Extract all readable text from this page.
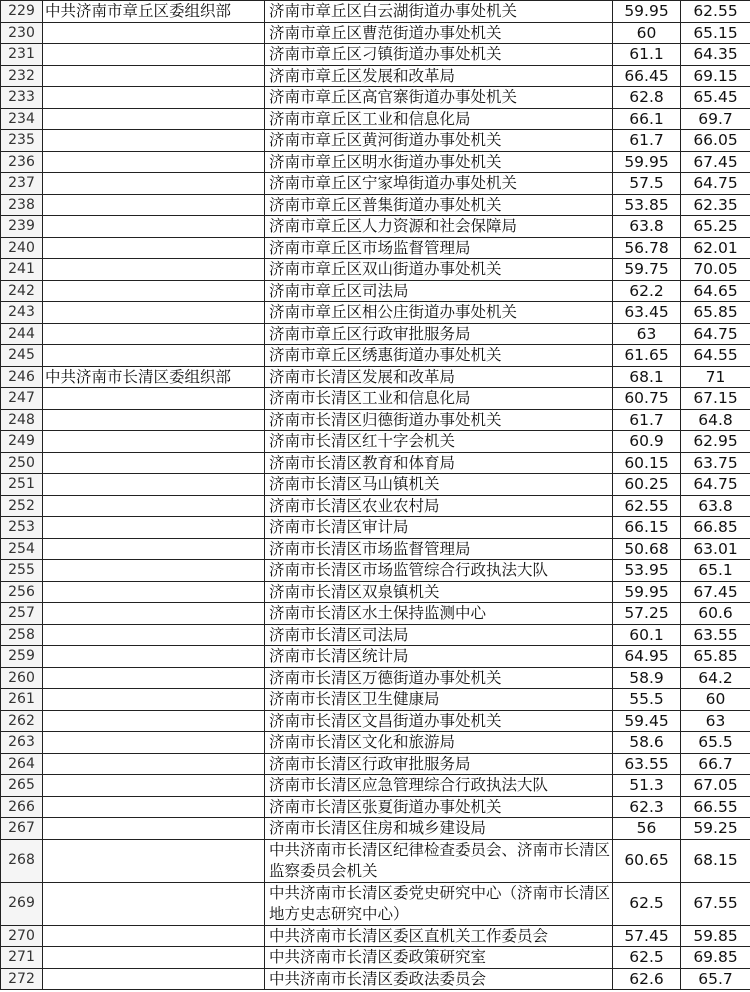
229	中共济南市章丘区委组织部	济南市章丘区白云湖街道办事处机关	59.95	62.55
230		济南市章丘区曹范街道办事处机关	60	65.15
231		济南市章丘区刁镇街道办事处机关	61.1	64.35
232		济南市章丘区发展和改革局	66.45	69.15
233		济南市章丘区高官寨街道办事处机关	62.8	65.45
234		济南市章丘区工业和信息化局	66.1	69.7
235		济南市章丘区黄河街道办事处机关	61.7	66.05
236		济南市章丘区明水街道办事处机关	59.95	67.45
237		济南市章丘区宁家埠街道办事处机关	57.5	64.75
238		济南市章丘区普集街道办事处机关	53.85	62.35
239		济南市章丘区人力资源和社会保障局	63.8	65.25
240		济南市章丘区市场监督管理局	56.78	62.01
241		济南市章丘区双山街道办事处机关	59.75	70.05
242		济南市章丘区司法局	62.2	64.65
243		济南市章丘区相公庄街道办事处机关	63.45	65.85
244		济南市章丘区行政审批服务局	63	64.75
245		济南市章丘区绣惠街道办事处机关	61.65	64.55
246	中共济南市长清区委组织部	济南市长清区发展和改革局	68.1	71
247		济南市长清区工业和信息化局	60.75	67.15
248		济南市长清区归德街道办事处机关	61.7	64.8
249		济南市长清区红十字会机关	60.9	62.95
250		济南市长清区教育和体育局	60.15	63.75
251		济南市长清区马山镇机关	60.25	64.75
252		济南市长清区农业农村局	62.55	63.8
253		济南市长清区审计局	66.15	66.85
254		济南市长清区市场监督管理局	50.68	63.01
255		济南市长清区市场监管综合行政执法大队	53.95	65.1
256		济南市长清区双泉镇机关	59.95	67.45
257		济南市长清区水土保持监测中心	57.25	60.6
258		济南市长清区司法局	60.1	63.55
259		济南市长清区统计局	64.95	65.85
260		济南市长清区万德街道办事处机关	58.9	64.2
261		济南市长清区卫生健康局	55.5	60
262		济南市长清区文昌街道办事处机关	59.45	63
263		济南市长清区文化和旅游局	58.6	65.5
264		济南市长清区行政审批服务局	63.55	66.7
265		济南市长清区应急管理综合行政执法大队	51.3	67.05
266		济南市长清区张夏街道办事处机关	62.3	66.55
267		济南市长清区住房和城乡建设局	56	59.25
268		中共济南市长清区纪律检查委员会、济南市长清区监察委员会机关	60.65	68.15
269		中共济南市长清区委党史研究中心（济南市长清区地方史志研究中心）	62.5	67.55
270		中共济南市长清区委区直机关工作委员会	57.45	59.85
271		中共济南市长清区委政策研究室	62.5	69.85
272		中共济南市长清区委政法委员会	62.6	65.7
